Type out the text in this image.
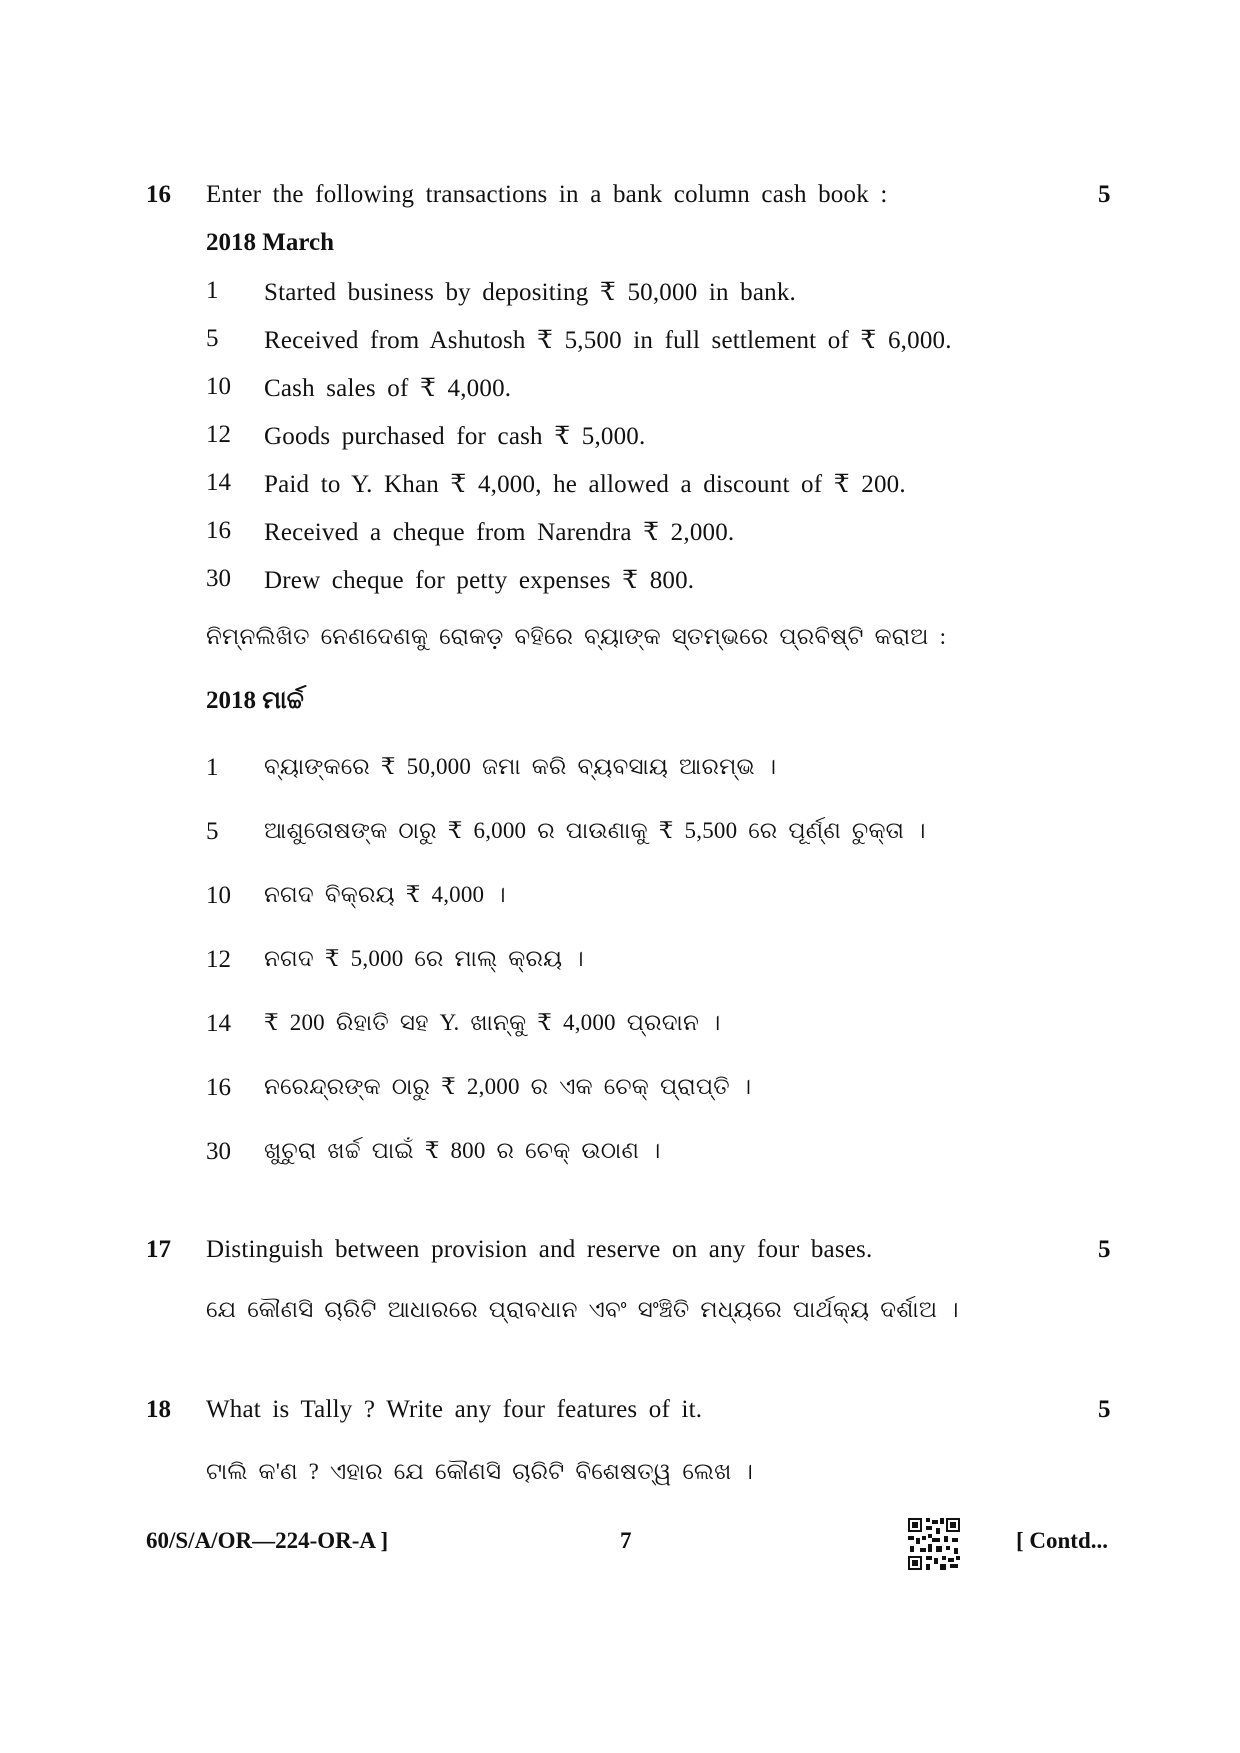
16 Enter the following transactions in a bank column cash book :	5
2018 March
1 Started business by depositing ₹ 50,000 in bank.
5 Received from Ashutosh ₹ 5,500 in full settlement of ₹ 6,000.
10 Cash sales of ₹ 4,000.
12 Goods purchased for cash ₹ 5,000.
14 Paid to Y. Khan ₹ 4,000, he allowed a discount of ₹ 200.
16 Received a cheque from Narendra ₹ 2,000.
30 Drew cheque for petty expenses ₹ 800.
ନିମ୍ନଲିଖିତ ନେଣଦେଣକୁ ରୋକଡ଼ ବହିରେ ବ୍ୟାଙ୍କ ସ୍ତମ୍ଭରେ ପ୍ରବିଷ୍ଟି କରାଅ :
2018 ମାର୍ଚ୍ଚ
1 ବ୍ୟାଙ୍କରେ ₹ 50,000 ଜମା କରି ବ୍ୟବସାୟ ଆରମ୍ଭ ।
5 ଆଶୁତୋଷଙ୍କ ଠାରୁ ₹ 6,000 ର ପାଉଣାକୁ ₹ 5,500 ରେ ପୂର୍ଣ୍ଣ ଚୁକ୍ତା ।
10 ନଗଦ ବିକ୍ରୟ ₹ 4,000 ।
12 ନଗଦ ₹ 5,000 ରେ ମାଲ୍ କ୍ରୟ ।
14 ₹ 200 ରିହାତି ସହ Y. ଖାନ୍‌କୁ ₹ 4,000 ପ୍ରଦାନ ।
16 ନରେନ୍ଦ୍ରଙ୍କ ଠାରୁ ₹ 2,000 ର ଏକ ଚେକ୍ ପ୍ରାପ୍ତି ।
30 ଖୁଚୁରା ଖର୍ଚ୍ଚ ପାଇଁ ₹ 800 ର ଚେକ୍ ଉଠାଣ ।
17 Distinguish between provision and reserve on any four bases.	5
ଯେ କୌଣସି ଚାରିଟି ଆଧାରରେ ପ୍ରାବଧାନ ଏବଂ ସଂଞ୍ଚିତି ମଧ୍ୟରେ ପାର୍ଥକ୍ୟ ଦର୍ଶାଅ ।
18 What is Tally ? Write any four features of it.	5
ଟାଲି କ'ଣ ? ଏହାର ଯେ କୌଣସି ଚାରିଟି ବିଶେଷତ୍ୱ ଲେଖ ।
60/S/A/OR—224-OR-A ]	7	[ Contd...
